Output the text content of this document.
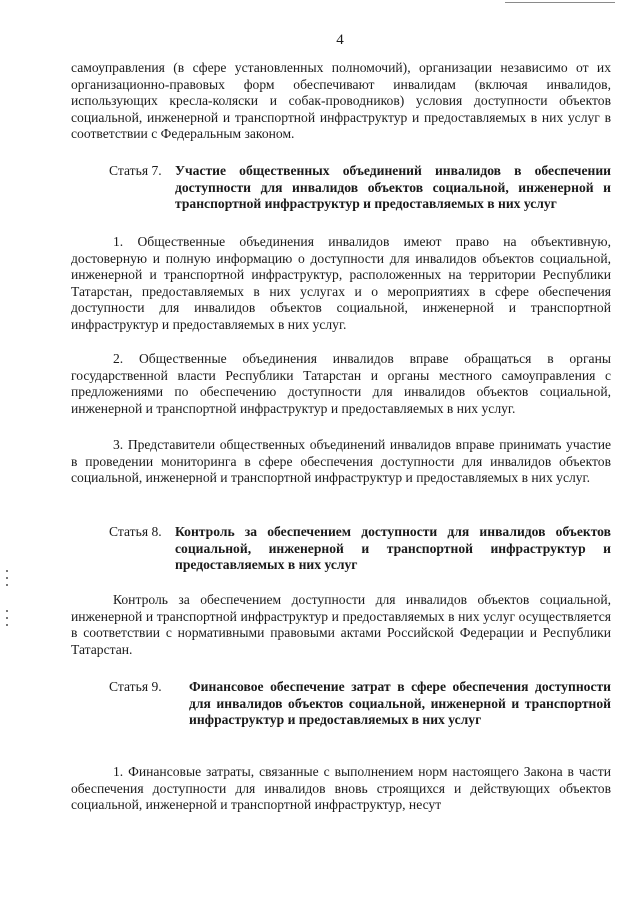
4

самоуправления (в сфере установленных полномочий), организации независимо от их организационно-правовых форм обеспечивают инвалидам (включая инвалидов, использующих кресла-коляски и собак-проводников) условия доступности объектов социальной, инженерной и транспортной инфраструктур и предоставляемых в них услуг в соответствии с Федеральным законом.

Статья 7. Участие общественных объединений инвалидов в обеспечении доступности для инвалидов объектов социальной, инженерной и транспортной инфраструктур и предоставляемых в них услуг

1. Общественные объединения инвалидов имеют право на объективную, достоверную и полную информацию о доступности для инвалидов объектов социальной, инженерной и транспортной инфраструктур, расположенных на территории Республики Татарстан, предоставляемых в них услугах и о мероприятиях в сфере обеспечения доступности для инвалидов объектов социальной, инженерной и транспортной инфраструктур и предоставляемых в них услуг.

2. Общественные объединения инвалидов вправе обращаться в органы государственной власти Республики Татарстан и органы местного самоуправления с предложениями по обеспечению доступности для инвалидов объектов социальной, инженерной и транспортной инфраструктур и предоставляемых в них услуг.

3. Представители общественных объединений инвалидов вправе принимать участие в проведении мониторинга в сфере обеспечения доступности для инвалидов объектов социальной, инженерной и транспортной инфраструктур и предоставляемых в них услуг.

Статья 8. Контроль за обеспечением доступности для инвалидов объектов социальной, инженерной и транспортной инфраструктур и предоставляемых в них услуг

Контроль за обеспечением доступности для инвалидов объектов социальной, инженерной и транспортной инфраструктур и предоставляемых в них услуг осуществляется в соответствии с нормативными правовыми актами Российской Федерации и Республики Татарстан.

Статья 9. Финансовое обеспечение затрат в сфере обеспечения доступности для инвалидов объектов социальной, инженерной и транспортной инфраструктур и предоставляемых в них услуг

1. Финансовые затраты, связанные с выполнением норм настоящего Закона в части обеспечения доступности для инвалидов вновь строящихся и действующих объектов социальной, инженерной и транспортной инфраструктур, несут
